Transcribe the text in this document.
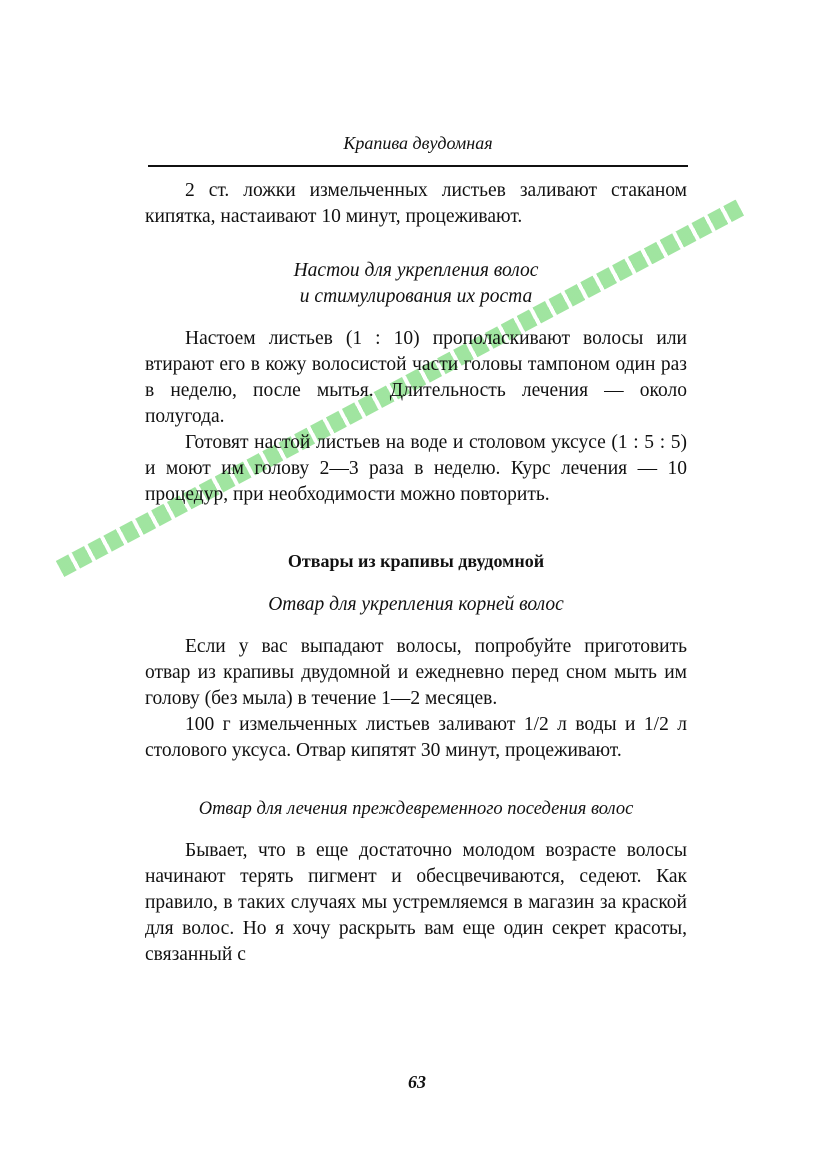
Крапива двудомная

2 ст. ложки измельченных листьев заливают стаканом кипятка, настаивают 10 минут, процеживают.

Настои для укрепления волос

и стимулирования их роста

Настоем листьев (1 : 10) прополаскивают волосы или втирают его в кожу волосистой части головы тампоном один раз в неделю, после мытья. Длительность лечения — около полугода.

Готовят настой листьев на воде и столовом уксусе (1 : 5 : 5) и моют им голову 2—3 раза в неделю. Курс лечения — 10 процедур, при необходимости можно повторить.

Отвары из крапивы двудомной

Отвар для укрепления корней волос

Если у вас выпадают волосы, попробуйте приготовить отвар из крапивы двудомной и ежедневно перед сном мыть им голову (без мыла) в течение 1—2 месяцев.

100 г измельченных листьев заливают 1/2 л воды и 1/2 л столового уксуса. Отвар кипятят 30 минут, процеживают.

Отвар для лечения преждевременного поседения волос

Бывает, что в еще достаточно молодом возрасте волосы начинают терять пигмент и обесцвечиваются, седеют. Как правило, в таких случаях мы устремляемся в магазин за краской для волос. Но я хочу раскрыть вам еще один секрет красоты, связанный с

63
